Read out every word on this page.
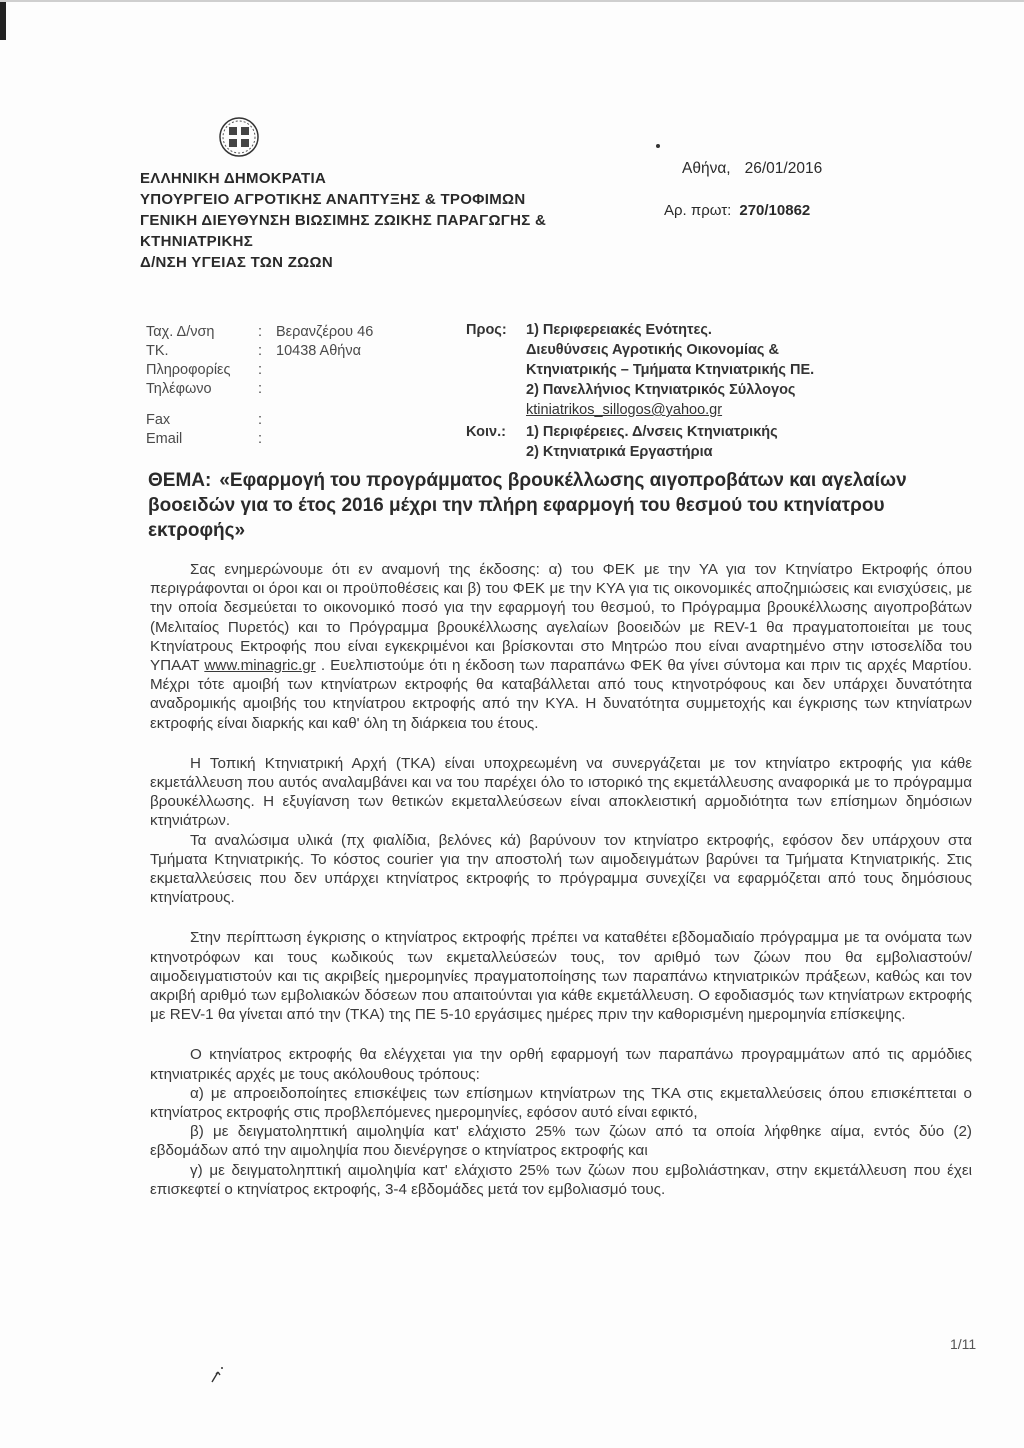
ΕΛΛΗΝΙΚΗ ΔΗΜΟΚΡΑΤΙΑ
ΥΠΟΥΡΓΕΙΟ ΑΓΡΟΤΙΚΗΣ ΑΝΑΠΤΥΞΗΣ & ΤΡΟΦΙΜΩΝ
ΓΕΝΙΚΗ ΔΙΕΥΘΥΝΣΗ ΒΙΩΣΙΜΗΣ ΖΩΙΚΗΣ ΠΑΡΑΓΩΓΗΣ &
ΚΤΗΝΙΑΤΡΙΚΗΣ
Δ/ΝΣΗ ΥΓΕΙΑΣ ΤΩΝ ΖΩΩΝ
Αθήνα, 26/01/2016
Αρ. πρωτ: 270/10862
Ταχ. Δ/νση	: Βερανζέρου 46
ΤΚ.	: 10438 Αθήνα
Πληροφορίες	:
Τηλέφωνο	:
Fax	:
Email	:
Προς:	1) Περιφερειακές Ενότητες.
Διευθύνσεις Αγροτικής Οικονομίας &
Κτηνιατρικής – Τμήματα Κτηνιατρικής ΠΕ.
2) Πανελλήνιος Κτηνιατρικός Σύλλογος
ktiniatrikos_sillogos@yahoo.gr
Κοιν.:	1) Περιφέρειες. Δ/νσεις Κτηνιατρικής
2) Κτηνιατρικά Εργαστήρια
ΘΕΜΑ: «Εφαρμογή του προγράμματος βρουκέλλωσης αιγοπροβάτων και αγελαίων βοοειδών για το έτος 2016 μέχρι την πλήρη εφαρμογή του θεσμού του κτηνίατρου εκτροφής»

Σας ενημερώνουμε ότι εν αναμονή της έκδοσης: α) του ΦΕΚ με την ΥΑ για τον Κτηνίατρο Εκτροφής όπου περιγράφονται οι όροι και οι προϋποθέσεις και β) του ΦΕΚ με την ΚΥΑ για τις οικονομικές αποζημιώσεις και ενισχύσεις, με την οποία δεσμεύεται το οικονομικό ποσό για την εφαρμογή του θεσμού, το Πρόγραμμα βρουκέλλωσης αιγοπροβάτων (Μελιταίος Πυρετός) και το Πρόγραμμα βρουκέλλωσης αγελαίων βοοειδών με REV-1 θα πραγματοποιείται με τους Κτηνίατρους Εκτροφής που είναι εγκεκριμένοι και βρίσκονται στο Μητρώο που είναι αναρτημένο στην ιστοσελίδα του ΥΠΑΑΤ www.minagric.gr . Ευελπιστούμε ότι η έκδοση των παραπάνω ΦΕΚ θα γίνει σύντομα και πριν τις αρχές Μαρτίου. Μέχρι τότε αμοιβή των κτηνίατρων εκτροφής θα καταβάλλεται από τους κτηνοτρόφους και δεν υπάρχει δυνατότητα αναδρομικής αμοιβής του κτηνίατρου εκτροφής από την ΚΥΑ. Η δυνατότητα συμμετοχής και έγκρισης των κτηνίατρων εκτροφής είναι διαρκής και καθ' όλη τη διάρκεια του έτους.

Η Τοπική Κτηνιατρική Αρχή (ΤΚΑ) είναι υποχρεωμένη να συνεργάζεται με τον κτηνίατρο εκτροφής για κάθε εκμετάλλευση που αυτός αναλαμβάνει και να του παρέχει όλο το ιστορικό της εκμετάλλευσης αναφορικά με το πρόγραμμα βρουκέλλωσης. Η εξυγίανση των θετικών εκμεταλλεύσεων είναι αποκλειστική αρμοδιότητα των επίσημων δημόσιων κτηνιάτρων.

Τα αναλώσιμα υλικά (πχ φιαλίδια, βελόνες κά) βαρύνουν τον κτηνίατρο εκτροφής, εφόσον δεν υπάρχουν στα Τμήματα Κτηνιατρικής. Το κόστος courier για την αποστολή των αιμοδειγμάτων βαρύνει τα Τμήματα Κτηνιατρικής. Στις εκμεταλλεύσεις που δεν υπάρχει κτηνίατρος εκτροφής το πρόγραμμα συνεχίζει να εφαρμόζεται από τους δημόσιους κτηνίατρους.

Στην περίπτωση έγκρισης ο κτηνίατρος εκτροφής πρέπει να καταθέτει εβδομαδιαίο πρόγραμμα με τα ονόματα των κτηνοτρόφων και τους κωδικούς των εκμεταλλεύσεών τους, τον αριθμό των ζώων που θα εμβολιαστούν/ αιμοδειγματιστούν και τις ακριβείς ημερομηνίες πραγματοποίησης των παραπάνω κτηνιατρικών πράξεων, καθώς και τον ακριβή αριθμό των εμβολιακών δόσεων που απαιτούνται για κάθε εκμετάλλευση. Ο εφοδιασμός των κτηνίατρων εκτροφής με REV-1 θα γίνεται από την (ΤΚΑ) της ΠΕ 5-10 εργάσιμες ημέρες πριν την καθορισμένη ημερομηνία επίσκεψης.

Ο κτηνίατρος εκτροφής θα ελέγχεται για την ορθή εφαρμογή των παραπάνω προγραμμάτων από τις αρμόδιες κτηνιατρικές αρχές με τους ακόλουθους τρόπους:

α) με απροειδοποίητες επισκέψεις των επίσημων κτηνίατρων της ΤΚΑ στις εκμεταλλεύσεις όπου επισκέπτεται ο κτηνίατρος εκτροφής στις προβλεπόμενες ημερομηνίες, εφόσον αυτό είναι εφικτό,
β) με δειγματοληπτική αιμοληψία κατ' ελάχιστο 25% των ζώων από τα οποία λήφθηκε αίμα, εντός δύο (2) εβδομάδων από την αιμοληψία που διενέργησε ο κτηνίατρος εκτροφής και
γ) με δειγματοληπτική αιμοληψία κατ' ελάχιστο 25% των ζώων που εμβολιάστηκαν, στην εκμετάλλευση που έχει επισκεφτεί ο κτηνίατρος εκτροφής, 3-4 εβδομάδες μετά τον εμβολιασμό τους.
1/11
